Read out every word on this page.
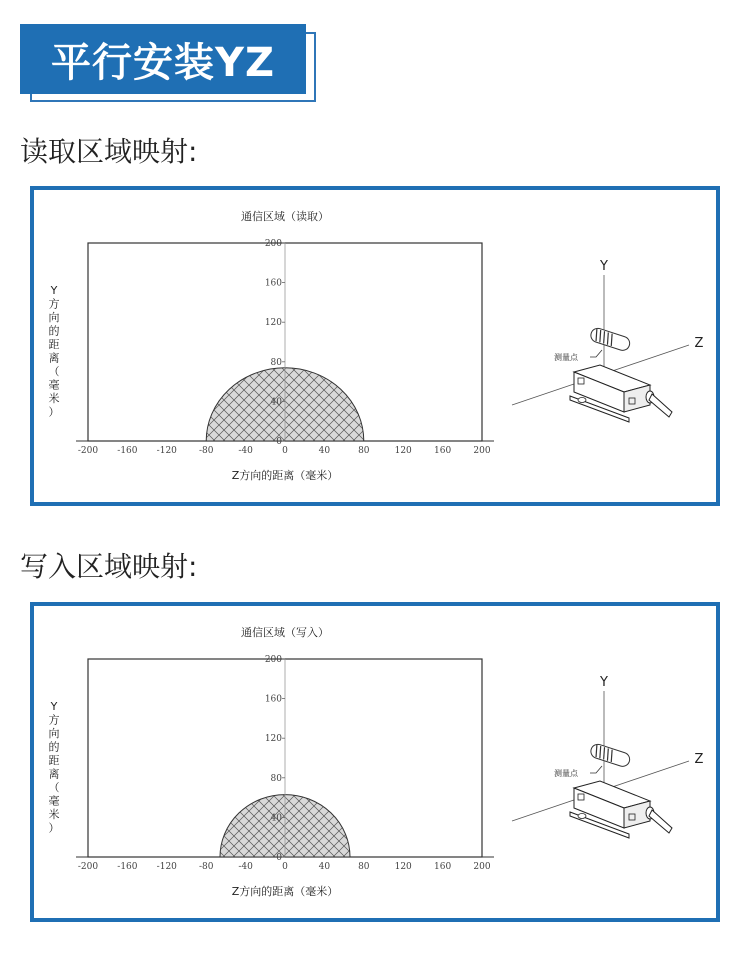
平行安装YZ
读取区域映射:
写入区域映射:
通信区域（读取）
0
40
80
120
160
200
-200 -160 -120 -80	-40	0	40	80	120 160 200
Z方向的距离（毫米）
Y
方
向
的
距
离
（
毫
米
）
Y
Z
测量点
通信区域（写入）
0
40
80
120
160
200
-200 -160 -120 -80	-40	0	40	80	120 160 200
Z方向的距离（毫米）
Y
方
向
的
距
离
（
毫
米
）
Y
Z
测量点
